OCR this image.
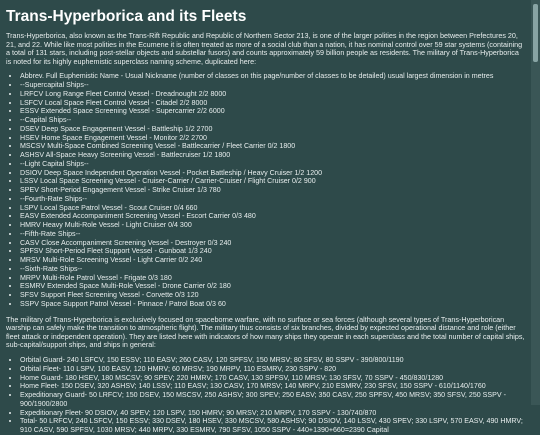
Trans-Hyperborica and its Fleets

Trans-Hyperborica, also known as the Trans-Rift Republic and Republic of Northern Sector 213, is one of the larger polities in the region between Prefectures 20, 21, and 22. While like most polities in the Ecumene it is often treated as more of a social club than a nation, it has nominal control over 59 star systems (containing a total of 131 stars, including post-stellar objects and substellar fusors) and counts approximately 59 billion people as residents. The military of Trans-Hyperborica is noted for its highly euphemistic superclass naming scheme, duplicated here:

• Abbrev. Full Euphemistic Name - Usual Nickname (number of classes on this page/number of classes to be detailed) usual largest dimension in metres
• --Supercapital Ships--
• LRFCV Long Range Fleet Control Vessel - Dreadnought 2/2 8000
• LSFCV Local Space Fleet Control Vessel - Citadel 2/2 8000
• ESSV Extended Space Screening Vessel - Supercarrier 2/2 6000
• --Capital Ships--
• DSEV Deep Space Engagement Vessel - Battleship 1/2 2700
• HSEV Home Space Engagement Vessel - Monitor 2/2 2700
• MSCSV Multi-Space Combined Screening Vessel - Battlecarrier / Fleet Carrier 0/2 1800
• ASHSV All-Space Heavy Screening Vessel - Battlecruiser 1/2 1800
• --Light Capital Ships--
• DSIOV Deep Space Independent Operation Vessel - Pocket Battleship / Heavy Cruiser 1/2 1200
• LSSV Local Space Screening Vessel - Cruiser-Carrier / Carrier-Cruiser / Flight Cruiser 0/2 900
• SPEV Short-Period Engagement Vessel - Strike Cruiser 1/3 780
• --Fourth-Rate Ships--
• LSPV Local Space Patrol Vessel - Scout Cruiser 0/4 660
• EASV Extended Accompaniment Screening Vessel - Escort Carrier 0/3 480
• HMRV Heavy Multi-Role Vessel - Light Cruiser 0/4 300
• --Fifth-Rate Ships--
• CASV Close Accompaniment Screening Vessel - Destroyer 0/3 240
• SPFSV Short-Period Fleet Support Vessel - Gunboat 1/3 240
• MRSV Multi-Role Screening Vessel - Light Carrier 0/2 240
• --Sixth-Rate Ships--
• MRPV Multi-Role Patrol Vessel - Frigate 0/3 180
• ESMRV Extended Space Multi-Role Vessel - Drone Carrier 0/2 180
• SFSV Support Fleet Screening Vessel - Corvette 0/3 120
• SSPV Space Support Patrol Vessel - Pinnace / Patrol Boat 0/3 60

The military of Trans-Hyperborica is exclusively focused on spaceborne warfare, with no surface or sea forces (although several types of Trans-Hyperborican warship can safely make the transition to atmospheric flight). The military thus consists of six branches, divided by expected operational distance and role (either fleet attack or independent operation). They are listed here with indicators of how many ships they operate in each superclass and the total number of capital ships, sub-capital/support ships, and ships in general:

• Orbital Guard- 240 LSFCV, 150 ESSV; 110 EASV; 260 CASV, 120 SPFSV, 150 MRSV; 80 SFSV, 80 SSPV - 390/800/1190
• Orbital Fleet- 110 LSPV, 100 EASV, 120 HMRV; 60 MRSV; 190 MRPV, 110 ESMRV, 230 SSPV - 820
• Home Guard- 180 HSEV, 180 MSCSV; 90 SPEV; 220 HMRV; 170 CASV, 130 SPFSV, 110 MRSV; 130 SFSV, 70 SSPV - 450/830/1280
• Home Fleet- 150 DSEV, 320 ASHSV; 140 LSSV; 110 EASV; 130 CASV, 170 MRSV; 140 MRPV, 210 ESMRV, 230 SFSV, 150 SSPV - 610/1140/1760
• Expeditionary Guard- 50 LRFCV; 150 DSEV, 150 MSCSV, 250 ASHSV; 300 SPEV; 250 EASV; 350 CASV, 250 SPFSV, 450 MRSV; 350 SFSV, 250 SSPV - 900/1900/2800
• Expeditionary Fleet- 90 DSIOV, 40 SPEV; 120 LSPV, 150 HMRV; 90 MRSV; 210 MRPV, 170 SSPV - 130/740/870
• Total- 50 LRFCV, 240 LSFCV, 150 ESSV; 330 DSEV, 180 HSEV, 330 MSCSV, 580 ASHSV; 90 DSIOV, 140 LSSV, 430 SPEV; 330 LSPV, 570 EASV, 490 HMRV; 910 CASV, 590 SPFSV, 1030 MRSV; 440 MRPV, 330 ESMRV, 790 SFSV, 1050 SSPV - 440+1390+660=2390 Capital
